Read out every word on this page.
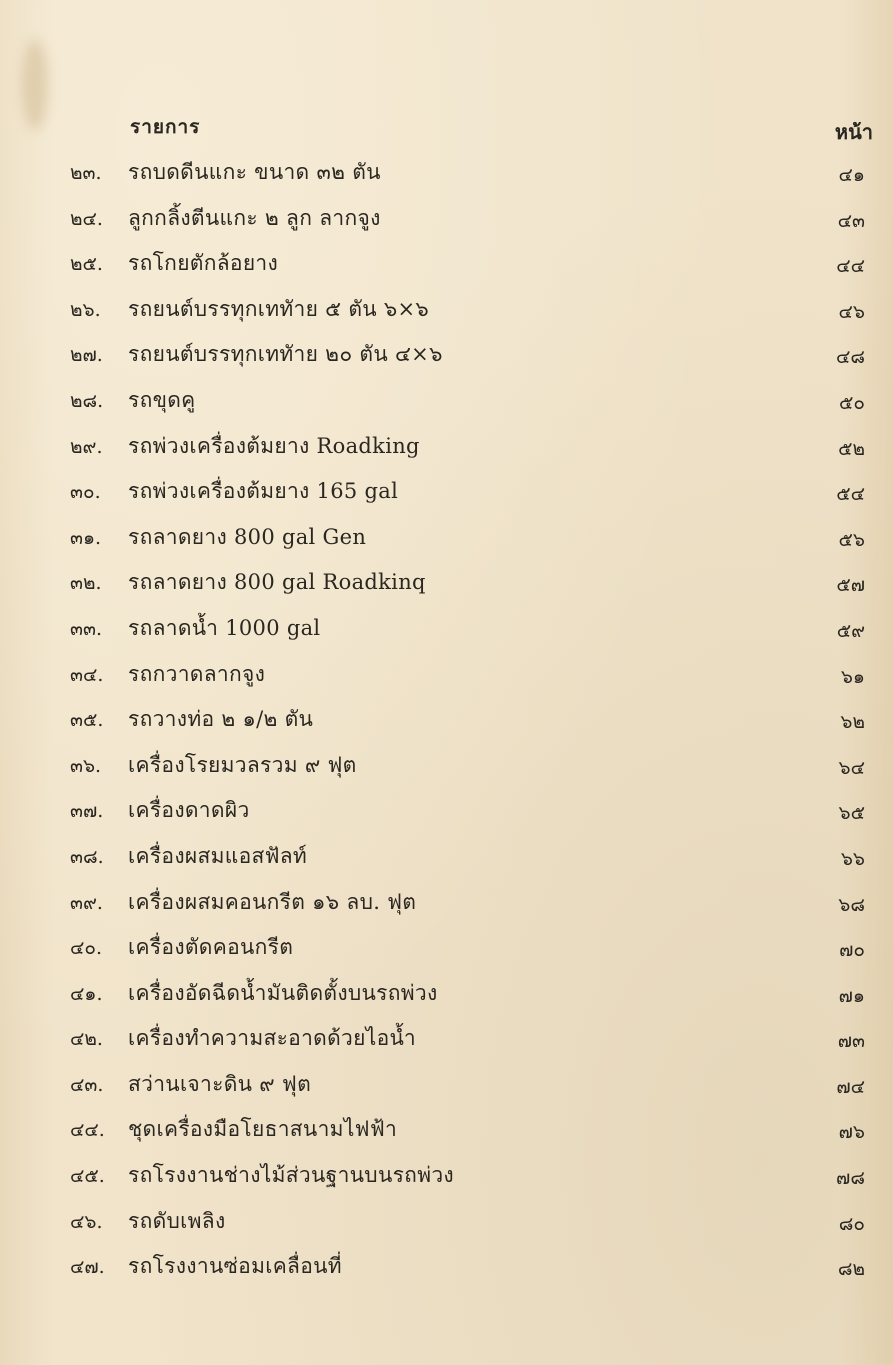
รายการ	หน้า
๒๓.	รถบดดีนแกะ ขนาด ๓๒ ตัน	๔๑
๒๔.	ลูกกลิ้งตีนแกะ ๒ ลูก ลากจูง	๔๓
๒๕.	รถโกยตักล้อยาง	๔๔
๒๖.	รถยนต์บรรทุกเททัาย ๕ ตัน ๖×๖	๔๖
๒๗.	รถยนต์บรรทุกเททัาย ๒๐ ตัน ๔×๖	๔๘
๒๘.	รถขุดคู	๕๐
๒๙.	รถพ่วงเครื่องต้มยาง Roadking	๕๒
๓๐.	รถพ่วงเครื่องต้มยาง 165 gal	๕๔
๓๑.	รถลาดยาง 800 gal Gen	๕๖
๓๒.	รถลาดยาง 800 gal Roadkinq	๕๗
๓๓.	รถลาดน้ำ 1000 gal	๕๙
๓๔.	รถกวาดลากจูง	๖๑
๓๕.	รถวางท่อ ๒ ๑/๒ ตัน	๖๒
๓๖.	เครื่องโรยมวลรวม ๙ ฟุต	๖๔
๓๗.	เครื่องดาดผิว	๖๕
๓๘.	เครื่องผสมแอสฟัลท์	๖๖
๓๙.	เครื่องผสมคอนกรีต ๑๖ ลบ. ฟุต	๖๘
๔๐.	เครื่องตัดคอนกรีต	๗๐
๔๑.	เครื่องอัดฉีดน้ำมันติดตั้งบนรถพ่วง	๗๑
๔๒.	เครื่องทำความสะอาดด้วยไอน้ำ	๗๓
๔๓.	สว่านเจาะดิน ๙ ฟุต	๗๔
๔๔.	ชุดเครื่องมือโยธาสนามไฟฟ้า	๗๖
๔๕.	รถโรงงานช่างไม้ส่วนฐานบนรถพ่วง	๗๘
๔๖.	รถดับเพลิง	๘๐
๔๗.	รถโรงงานซ่อมเคลื่อนที่	๘๒
